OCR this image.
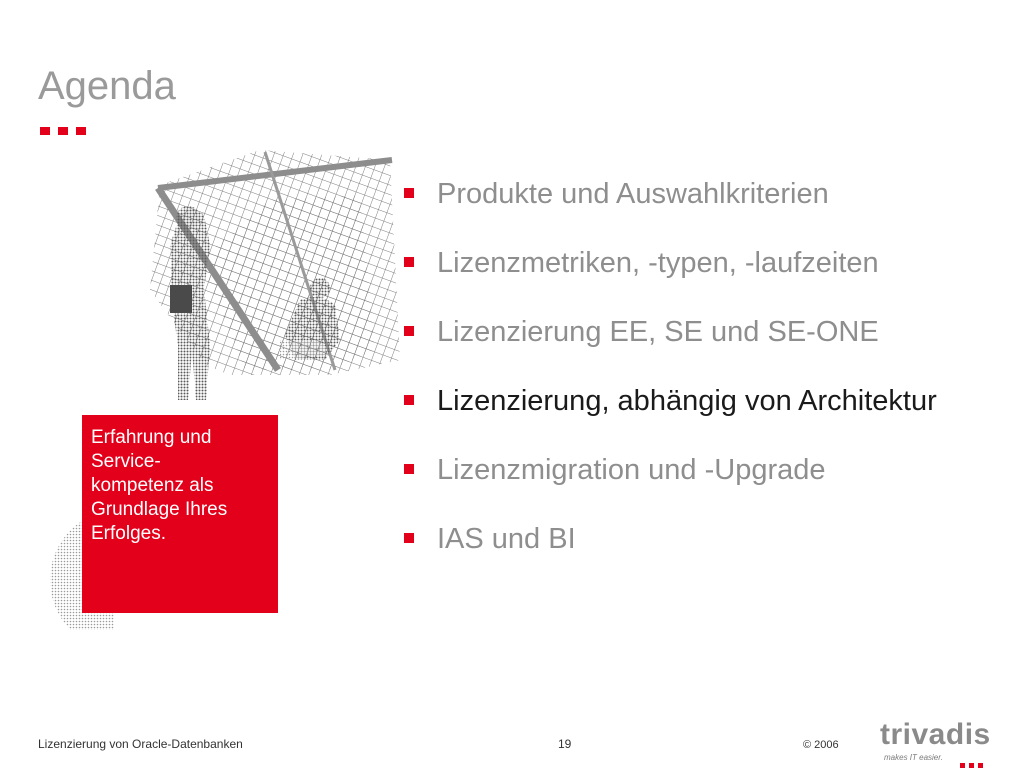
Agenda

Erfahrung und
Service-
kompetenz als
Grundlage Ihres
Erfolges.

Produkte und Auswahlkriterien
Lizenzmetriken, -typen, -laufzeiten
Lizenzierung EE, SE und SE-ONE
Lizenzierung, abhängig von Architektur
Lizenzmigration und -Upgrade
IAS und BI
Lizenzierung von Oracle-Datenbanken	19	© 2006 trivadis
makes IT easier.
